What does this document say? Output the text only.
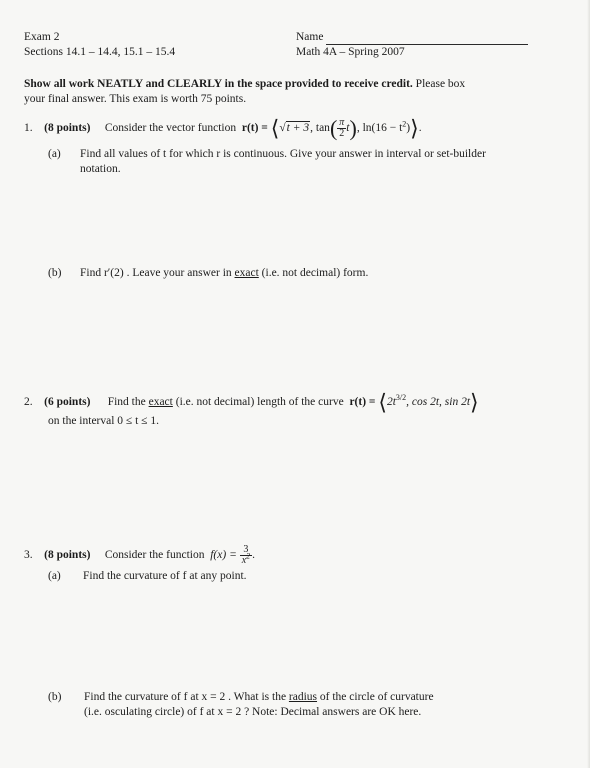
Exam 2
Sections 14.1 – 14.4, 15.1 – 15.4
Name
Math 4A – Spring 2007
Show all work NEATLY and CLEARLY in the space provided to receive credit. Please box
your final answer. This exam is worth 75 points.
1. (8 points) Consider the vector function r(t) = ⟨√t + 3, $\tan( \frac{\pi}{2} t)$, $\ln(16 - t^2)⟩$.
(a) Find all values of t for which r is continuous. Give your answer in interval or set-builder
notation.
(b) Find r′(2) . Leave your answer in exact (i.e. not decimal) form.
2. (6 points) Find the exact (i.e. not decimal) length of the curve $r(t) = ⟨2t^{3/2}$, cos 2t, sin 2t⟩
on the interval 0 ≤ t ≤ 1.
3. (8 points) Consider the function $f(x) = \frac{3}{x^2}$ .
(a) Find the curvature of f at any point.
(b) Find the curvature of f at x = 2 . What is the radius of the circle of curvature
(i.e. osculating circle) of f at x = 2 ? Note: Decimal answers are OK here.
